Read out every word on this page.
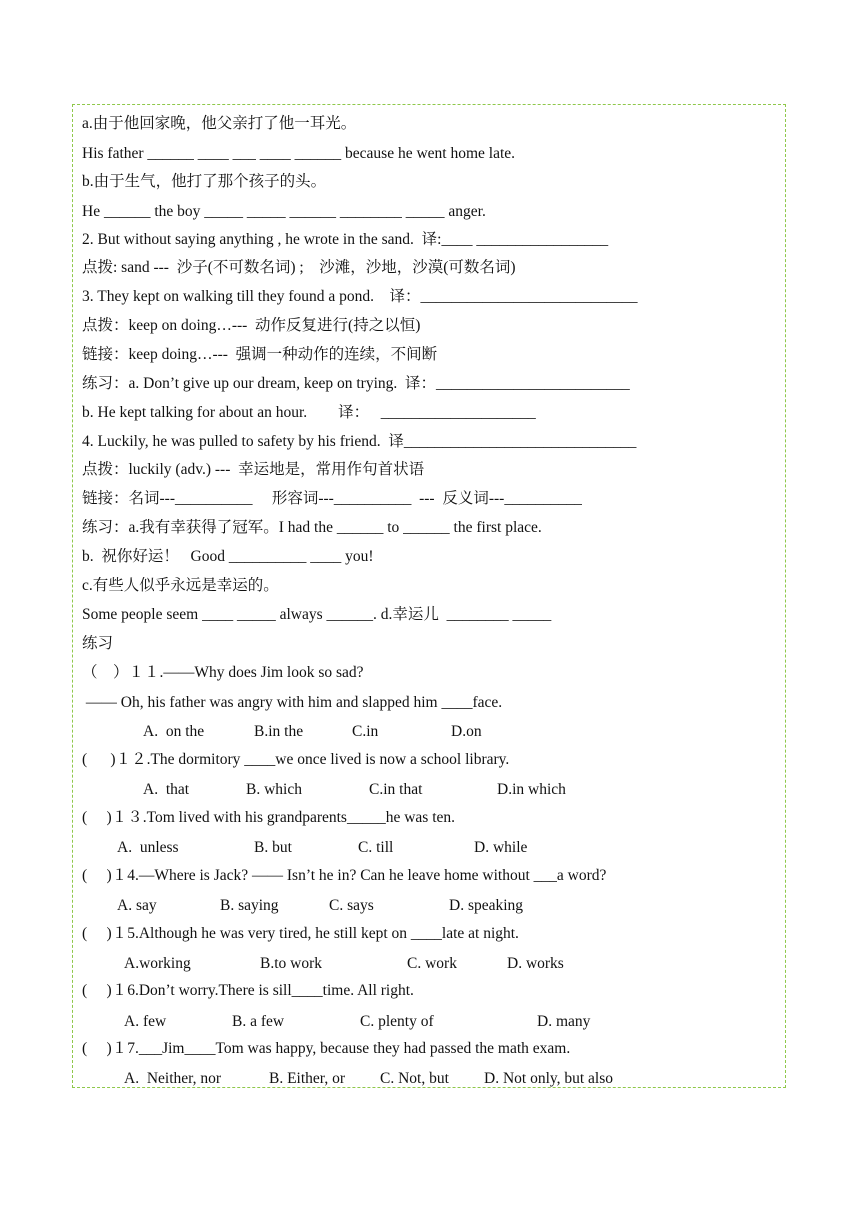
a.由于他回家晚，他父亲打了他一耳光。
His father ______ ____ ___ ____ ______ because he went home late.
b.由于生气，他打了那个孩子的头。
He ______ the boy _____ _____ ______ ________ _____ anger.
2. But without saying anything , he wrote in the sand.  译:____ _________________
点拨: sand ---  沙子(不可数名词) ;    沙滩，沙地，沙漠(可数名词)
3. They kept on walking till they found a pond.    译：____________________________
点拨：keep on doing…---  动作反复进行(持之以恒)
链接：keep doing…---  强调一种动作的连续，不间断
练习：a. Don’t give up our dream, keep on trying.  译：_________________________
b. He kept talking for about an hour.        译：   ____________________
4. Luckily, he was pulled to safety by his friend.  译______________________________
点拨：luckily (adv.) ---  幸运地是，常用作句首状语
链接：名词---__________     形容词---__________  ---  反义词---__________
练习：a.我有幸获得了冠军。I had the ______ to ______ the first place.
b.  祝你好运！   Good __________ ____ you!
c.有些人似乎永远是幸运的。
Some people seem ____ _____ always ______. d.幸运儿  ________ _____
练习
（    ）１１.——Why does Jim look so sad?
—— Oh, his father was angry with him and slapped him ____face.
A.  on the	B.in the	C.in	D.on
(      )１２.The dormitory ____we once lived is now a school library.
A.  that	B. which	C.in that	D.in which
(     )１３.Tom lived with his grandparents_____he was ten.
A.  unless	B. but	C. till	D. while
(     )１4.—Where is Jack? —— Isn’t he in? Can he leave home without ___a word?
A. say	B. saying	C. says	D. speaking
(     )１5.Although he was very tired, he still kept on ____late at night.
A.working	B.to work	C. work	D. works
(     )１6.Don’t worry.There is sill____time. All right.
A. few	B. a few	C. plenty of	D. many
(     )１7.___Jim____Tom was happy, because they had passed the math exam.
A.  Neither, nor	B. Either, or C. Not, but D. Not only, but also
